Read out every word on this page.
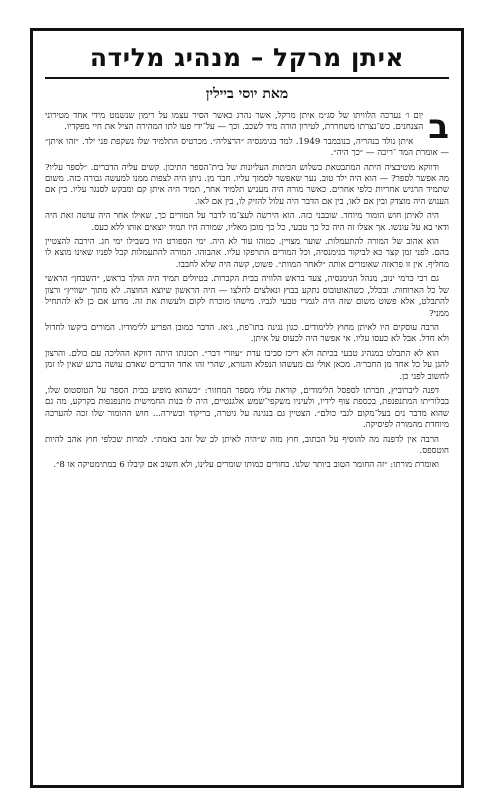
איתן מרקל – מנהיג מלידה
מאת יוסי ביילין

ב
יום ו׳ נערכה הלוויתו של סג״מ איתן מרקל, אשר נהרג כאשר הסיר עצמו על רימון שנשמט מידי אחד מטירוני הצנחנים. כש־נצרתו משחררת, לטירון הורה מיד לשכב. וכך — על־ידי פעו לתו המהירה הציל את חיי מפקדיו.

איתן נולד בנהריה, בנובמבר 1949. למד בגימנסיה ״הרצליה״. מכרטיס התלמיד שלו נשקפת פני ילד. ״זהו איתן״ — אומרת המד ־ריכה — ״כך היה״.

ודווקא מוטיבציה היתה המתבטאת בשלוש הכיתות העליונות של בית־הספר התיכון. קשים עליה הדברים. ״לספר עליו? מה אפשר לספר? — הוא היה ילד טוב. נער שאפשר לסמוך עליו. חבר מן. ניתן היה לצפות ממנו למעשה גבורה כזה. משום שתמיד הרגיש אחריות כלפי אחרים. כאשר מורה היה מעניש תלמיד אחר, תמיד היה איתן קם ומבקש לסנגר עליו. בין אם הענוש היה מוצדק ובין אם לאו, בין אם הדבר היה עלול להזיק לו, בין אם לאו.

היה לאיתן חוש הומור מיוחד. שובבני כזה. הוא הירשה לעצ־מו לדבר על המורים כך, שאילו אחר היה עושה זאת היה ודאי בא על עונשו. אך אצלו זה היה כל כך טבעי, כל כך מובן מאליו, שמורה היו תמיד יוצאים אותו ללא כעס.

הוא אהוב של המורה להתעמלות. שוער מצויין. כמוהו עוד לא היה. ימי הספורט היו בשבילו ימי חג. הירבה להצטיין בהם. לפני זמן קצר כא לביקור בגימנסיה, וכל המורים התרפקו עליו. אהבוהו. המורה להתעמלות קבל לפניו שאינו מוצא לו מחליף. אין זו פראזה שאומרים אותה ״לאחר המוות״. פשוט, קשה היה שלא לחבבו.

גם רבי כרמי ינוב, מנהל הגימנסיה, צעד בראש הלוויה בבית הקברות. בטיולים תמיד היה הולך בראש, ״השבחן״ הראשי של כל הארוחות. ובכלל, כשהאוטובוס נתקע בבוץ ונאלצים לחלצו — היה הראשון שיוצא החוצה. לא מתוך ״שוויץ״ ורצון להתבלט, אלא פשוט משום שזה היה לגמרי טבעי לגביו. מישהו מוכרח לקום ולעשות את זה. מדוע אם כן לא להתחיל ממני?

הרבה עוסקים היו לאיתן מחוץ ללימודים. כגון נגינה בתו־פת, ג׳אז. הדבר כמובן הפריע ללימודיו. המורים ביקשו לחדול ולא חדל. אבל לא כעסו עליו. אי אפשר היה לכעוס על איתן.

הוא לא התבלט במנהיג טבעי בכיתה ולא ריכז סביבו עדת ״עוזרי דבר״. תכונתו היתה דווקא ההליכה עם כולם. והרצון להגן על כל אחד מן החבר׳ה. מכאן אולי גם מעשהו הנפלא והנורא, שהרי זהו אחד הדברים שאדם עושה ברגע שאין לו זמן לחשוב לפני כן.

דפנה ליברוביץ, חברתו לספסל הלימודים, קוראת עליו מספר המחזור: ״כשהוא מופיע בבית הספר על הטוסטוס שלו, בבלוריתו המתנפנפת, בכספת צוף לידיו, ולעיניו משקפי־שמש אלגנטיים, היה לו בנות החמישית מתנפנפות בקרקע, מה גם שהוא מדבר נים בעל־מקום לגבי כולם״. הצטיין גם בנגינה על גיטרה, בריקוד ובשירה... חוש ההומור שלו זכה להערכה מיוחדת מהמורה לפיסיקה.

הרבה אין לדפנה מה להוסיף על הכתוב, חוץ מזה ש״היה לאיתן לב של זהב באמת״. למרות שכלפי חוץ אהב להיות חוטספס.

ואומרת מורתו: ״זה החומר הטוב ביותר שלנו. בחורים כמותו שומרים עלינו, ולא חשוב אם קיבלו 6 במתימטיקה או 8״.
